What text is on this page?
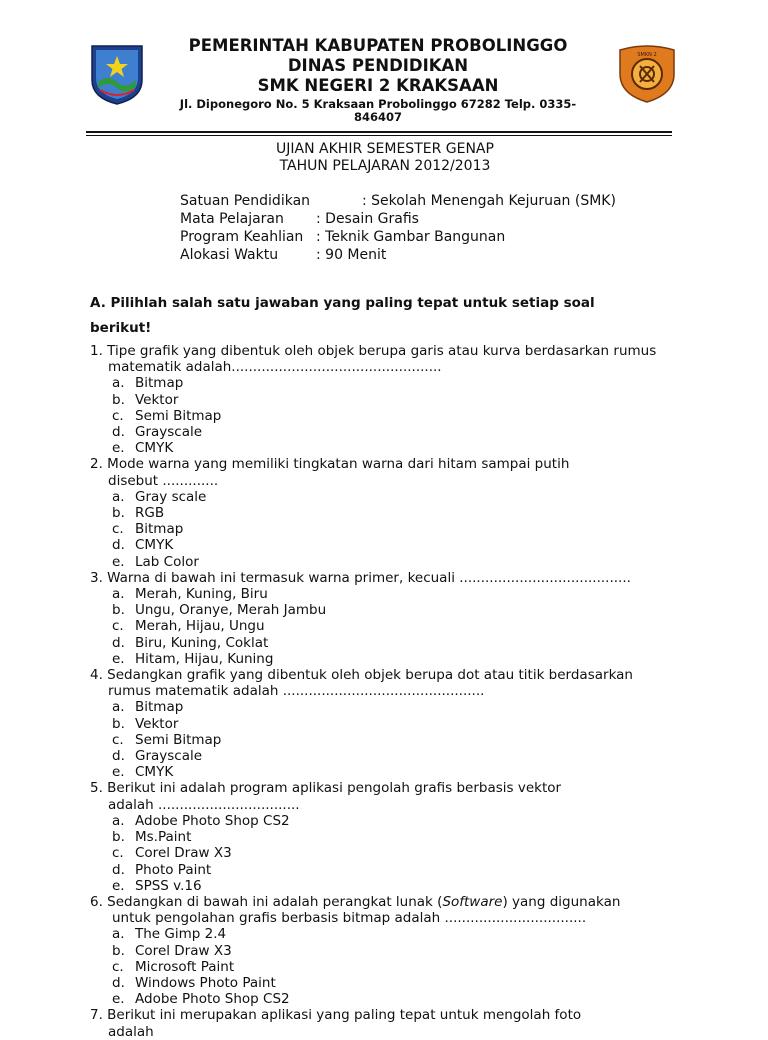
SMKN 2
PEMERINTAH KABUPATEN PROBOLINGGO
DINAS PENDIDIKAN
SMK NEGERI 2 KRAKSAAN
Jl. Diponegoro No. 5 Kraksaan Probolinggo 67282 Telp. 0335-
846407
UJIAN AKHIR SEMESTER GENAP
TAHUN PELAJARAN 2012/2013
Satuan Pendidikan	: Sekolah Menengah Kejuruan (SMK)
Mata Pelajaran	: Desain Grafis
Program Keahlian : Teknik Gambar Bangunan
Alokasi Waktu	: 90 Menit
A. Pilihlah salah satu jawaban yang paling tepat untuk setiap soal
berikut!
1. Tipe grafik yang dibentuk oleh objek berupa garis atau kurva berdasarkan rumus
matematik adalah.................................................
a. Bitmap
b. Vektor
c. Semi Bitmap
d. Grayscale
e. CMYK
2. Mode warna yang memiliki tingkatan warna dari hitam sampai putih
disebut .............
a. Gray scale
b. RGB
c. Bitmap
d. CMYK
e. Lab Color
3. Warna di bawah ini termasuk warna primer, kecuali ........................................
a. Merah, Kuning, Biru
b. Ungu, Oranye, Merah Jambu
c. Merah, Hijau, Ungu
d. Biru, Kuning, Coklat
e. Hitam, Hijau, Kuning
4. Sedangkan grafik yang dibentuk oleh objek berupa dot atau titik berdasarkan
rumus matematik adalah ...............................................
a. Bitmap
b. Vektor
c. Semi Bitmap
d. Grayscale
e. CMYK
5. Berikut ini adalah program aplikasi pengolah grafis berbasis vektor
adalah .................................
a. Adobe Photo Shop CS2
b. Ms.Paint
c. Corel Draw X3
d. Photo Paint
e. SPSS v.16
6. Sedangkan di bawah ini adalah perangkat lunak (Software) yang digunakan
untuk pengolahan grafis berbasis bitmap adalah .................................
a. The Gimp 2.4
b. Corel Draw X3
c. Microsoft Paint
d. Windows Photo Paint
e. Adobe Photo Shop CS2
7. Berikut ini merupakan aplikasi yang paling tepat untuk mengolah foto
adalah
